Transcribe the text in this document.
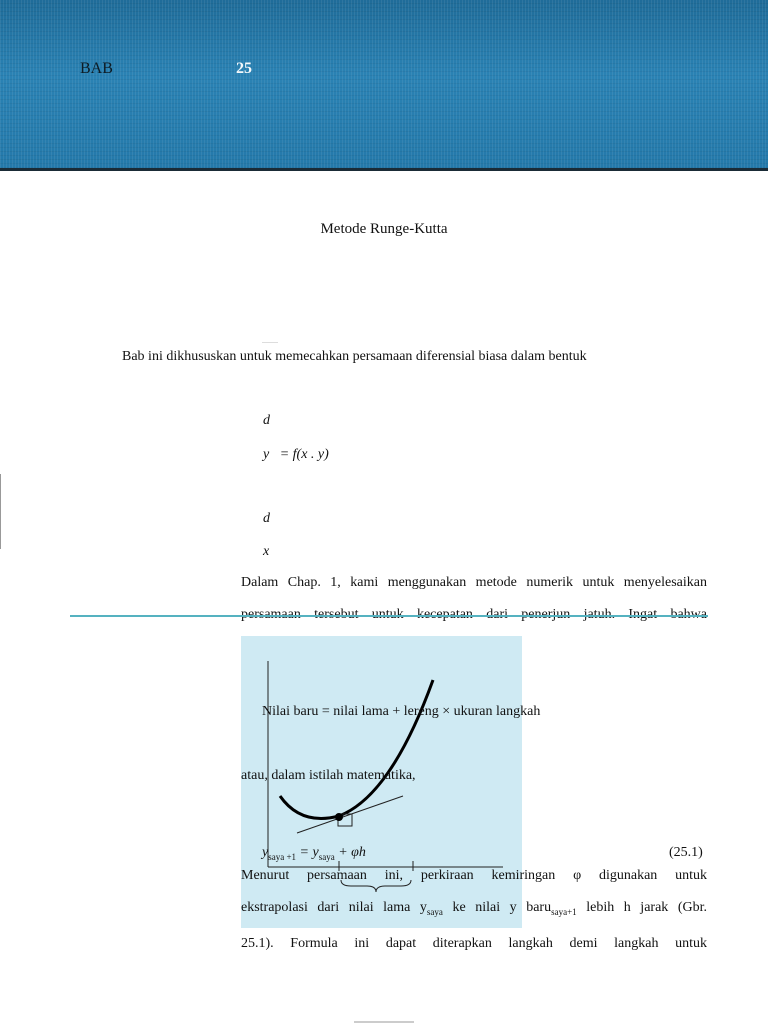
BAB	25
Metode Runge-Kutta
Bab ini dikhususkan untuk memecahkan persamaan diferensial biasa dalam bentuk
d
y   = f(x . y)
d
x
Dalam Chap. 1, kami menggunakan metode numerik untuk menyelesaikan
Nilai baru = nilai lama + lereng × ukuran langkah
atau, dalam istilah matematika,
$y_{saya +1} = y_{saya} + \varphi h$	(25.1)

Menurut persamaan ini, perkiraan kemiringan φ digunakan untuk

ekstrapolasi dari nilai lama $y_{saya}$ ke nilai y baru$_{saya+1}$ lebih h jarak (Gbr.

25.1). Formula ini dapat diterapkan langkah demi langkah untuk
